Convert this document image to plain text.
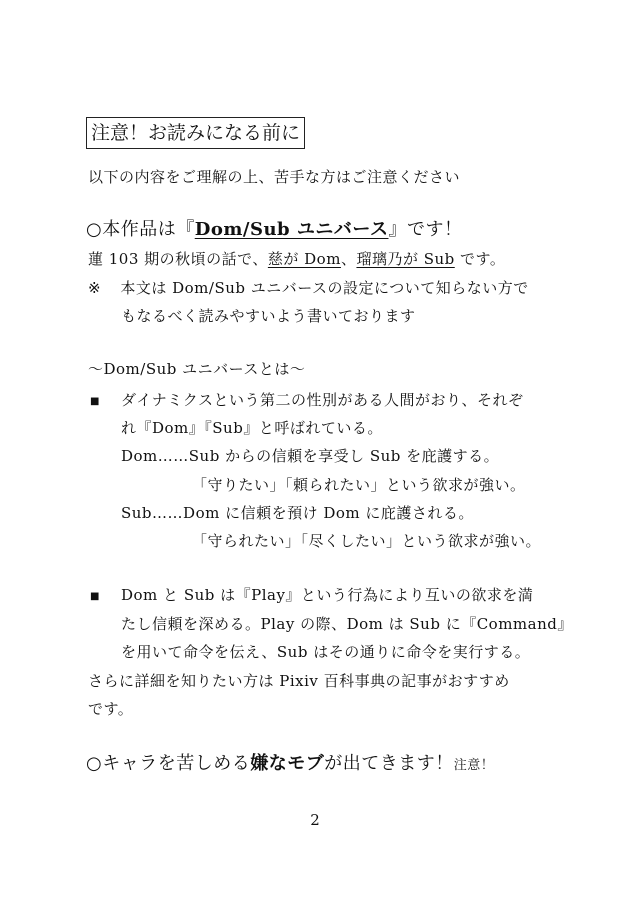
注意！お読みになる前に
以下の内容をご理解の上、苦手な方はご注意ください
○本作品は『Dom/Sub ユニバース』です！
蓮 103 期の秋頃の話で、慈が Dom、瑠璃乃が Sub です。
※ 本文は Dom/Sub ユニバースの設定について知らない方で
もなるべく読みやすいよう書いております
～Dom/Sub ユニバースとは～
■ ダイナミクスという第二の性別がある人間がおり、それぞ
れ『Dom』『Sub』と呼ばれている。
Dom……Sub からの信頼を享受し Sub を庇護する。
「守りたい」「頼られたい」という欲求が強い。
Sub……Dom に信頼を預け Dom に庇護される。
「守られたい」「尽くしたい」という欲求が強い。
■ Dom と Sub は『Play』という行為により互いの欲求を満
たし信頼を深める。Play の際、Dom は Sub に『Command』
を用いて命令を伝え、Sub はその通りに命令を実行する。
さらに詳細を知りたい方は Pixiv 百科事典の記事がおすすめ
です。
○キャラを苦しめる嫌なモブが出てきます！注意！
2
